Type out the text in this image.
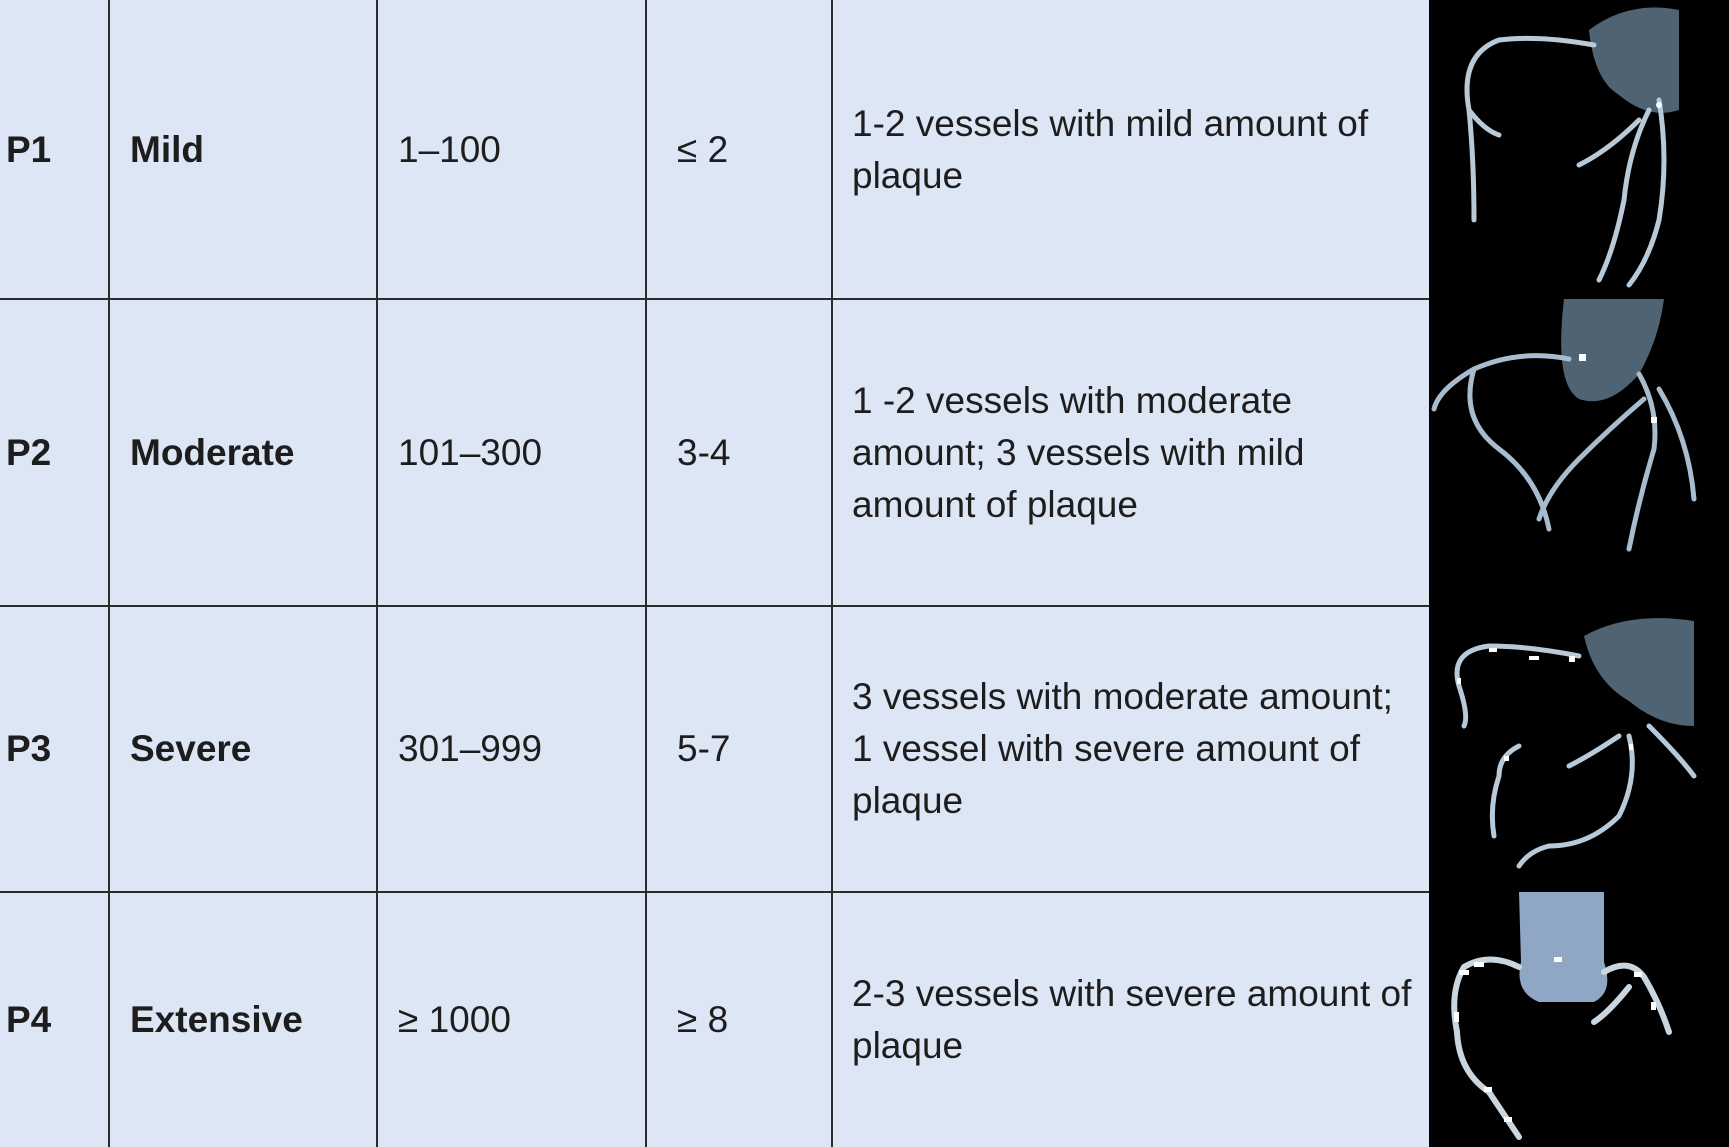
P1	Mild	1–100	≤ 2
1-2 vessels with mild amount of plaque
P2	Moderate	101–300	3-4
1 -2 vessels with moderate amount; 3 vessels with mild amount of plaque
P3	Severe	301–999	5-7
3 vessels with moderate amount; 1 vessel with severe amount of plaque
P4	Extensive	≥ 1000	≥ 8
2-3 vessels with severe amount of plaque
